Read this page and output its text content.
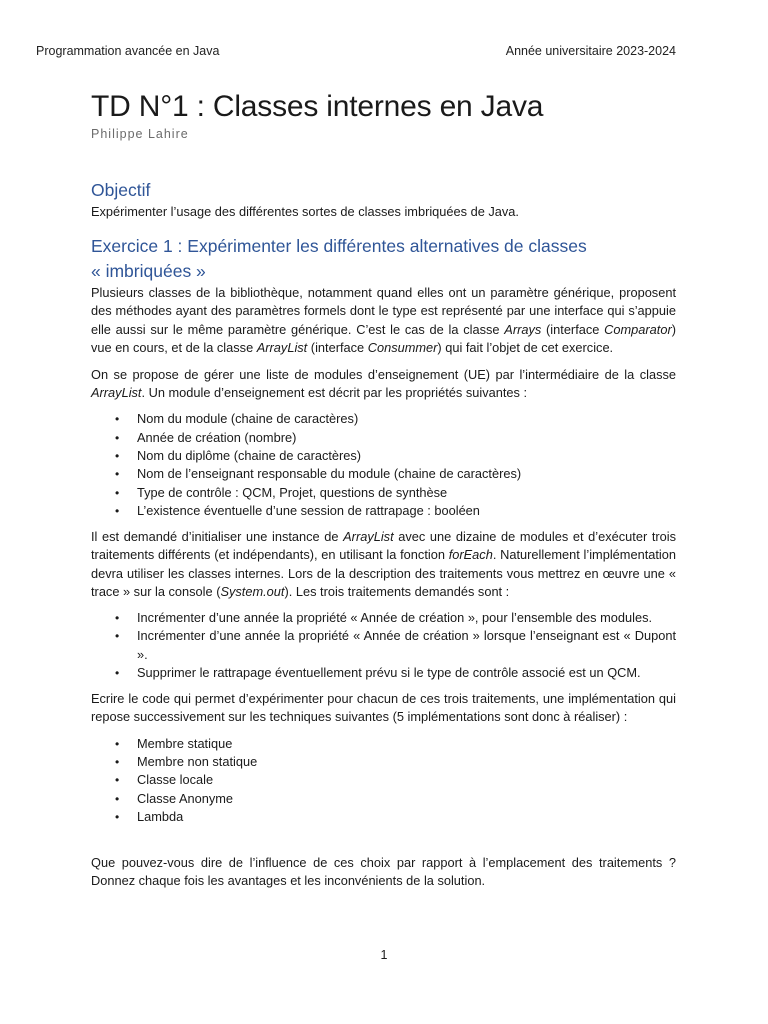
Programmation avancée en Java	Année universitaire 2023-2024
TD N°1 : Classes internes en Java
Philippe Lahire
Objectif

Expérimenter l’usage des différentes sortes de classes imbriquées de Java.

Exercice 1 : Expérimenter les différentes alternatives de classes
« imbriquées »

Plusieurs classes de la bibliothèque, notamment quand elles ont un paramètre générique, proposent des méthodes ayant des paramètres formels dont le type est représenté par une interface qui s’appuie elle aussi sur le même paramètre générique. C’est le cas de la classe Arrays (interface Comparator) vue en cours, et de la classe ArrayList (interface Consummer) qui fait l’objet de cet exercice.

On se propose de gérer une liste de modules d’enseignement (UE) par l’intermédiaire de la classe ArrayList. Un module d’enseignement est décrit par les propriétés suivantes :

• Nom du module (chaine de caractères)
• Année de création (nombre)
• Nom du diplôme (chaine de caractères)
• Nom de l’enseignant responsable du module (chaine de caractères)
• Type de contrôle : QCM, Projet, questions de synthèse
• L’existence éventuelle d’une session de rattrapage : booléen

Il est demandé d’initialiser une instance de ArrayList avec une dizaine de modules et d’exécuter trois traitements différents (et indépendants), en utilisant la fonction forEach. Naturellement l’implémentation devra utiliser les classes internes. Lors de la description des traitements vous mettrez en œuvre une « trace » sur la console (System.out). Les trois traitements demandés sont :

• Incrémenter d’une année la propriété « Année de création », pour l’ensemble des modules.
• Incrémenter d’une année la propriété « Année de création » lorsque l’enseignant est « Dupont ».
• Supprimer le rattrapage éventuellement prévu si le type de contrôle associé est un QCM.

Ecrire le code qui permet d’expérimenter pour chacun de ces trois traitements, une implémentation qui repose successivement sur les techniques suivantes (5 implémentations sont donc à réaliser) :

• Membre statique
• Membre non statique
• Classe locale
• Classe Anonyme
• Lambda

Que pouvez-vous dire de l’influence de ces choix par rapport à l’emplacement des traitements ? Donnez chaque fois les avantages et les inconvénients de la solution.

1
